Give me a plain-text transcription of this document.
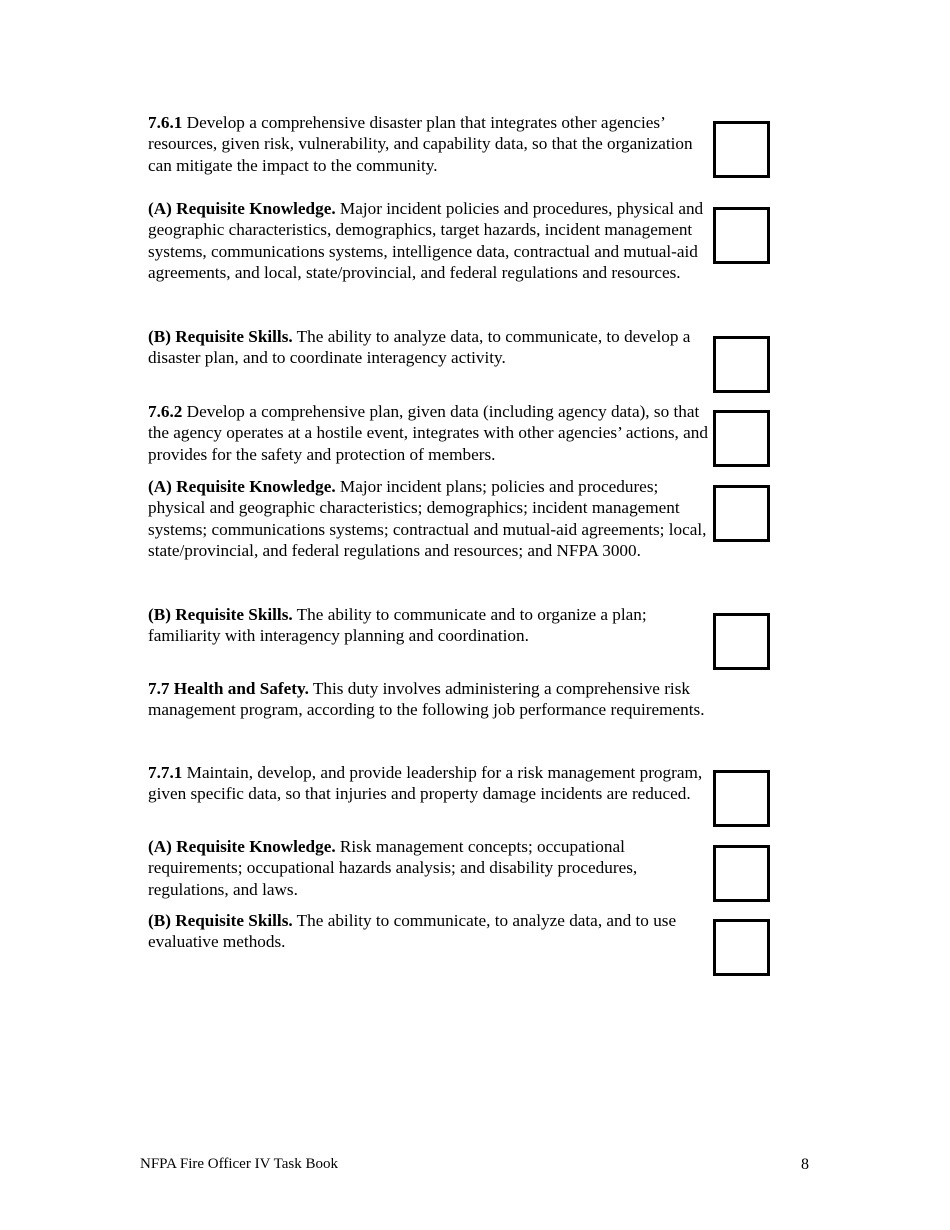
7.6.1 Develop a comprehensive disaster plan that integrates other agencies’ resources, given risk, vulnerability, and capability data, so that the organization can mitigate the impact to the community.

(A) Requisite Knowledge. Major incident policies and procedures, physical and geographic characteristics, demographics, target hazards, incident management systems, communications systems, intelligence data, contractual and mutual-aid agreements, and local, state/provincial, and federal regulations and resources.

(B) Requisite Skills. The ability to analyze data, to communicate, to develop a disaster plan, and to coordinate interagency activity.

7.6.2 Develop a comprehensive plan, given data (including agency data), so that the agency operates at a hostile event, integrates with other agencies’ actions, and provides for the safety and protection of members.

(A) Requisite Knowledge. Major incident plans; policies and procedures; physical and geographic characteristics; demographics; incident management systems; communications systems; contractual and mutual-aid agreements; local, state/provincial, and federal regulations and resources; and NFPA 3000.

(B) Requisite Skills. The ability to communicate and to organize a plan; familiarity with interagency planning and coordination.

7.7 Health and Safety. This duty involves administering a comprehensive risk management program, according to the following job performance requirements.

7.7.1 Maintain, develop, and provide leadership for a risk management program, given specific data, so that injuries and property damage incidents are reduced.

(A) Requisite Knowledge. Risk management concepts; occupational requirements; occupational hazards analysis; and disability procedures, regulations, and laws.

(B) Requisite Skills. The ability to communicate, to analyze data, and to use evaluative methods.

NFPA Fire Officer IV Task Book	8
